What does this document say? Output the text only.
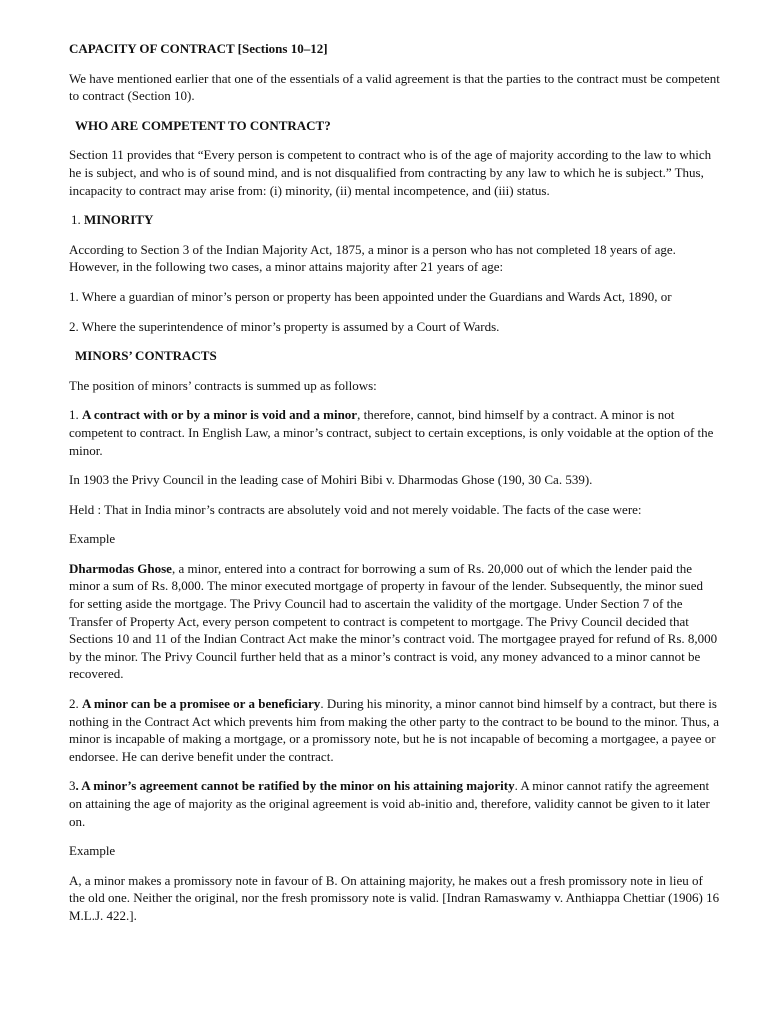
CAPACITY OF CONTRACT [Sections 10–12]

We have mentioned earlier that one of the essentials of a valid agreement is that the parties to the contract must be competent to contract (Section 10).

WHO ARE COMPETENT TO CONTRACT?

Section 11 provides that “Every person is competent to contract who is of the age of majority according to the law to which he is subject, and who is of sound mind, and is not disqualified from contracting by any law to which he is subject.” Thus, incapacity to contract may arise from: (i) minority, (ii) mental incompetence, and (iii) status.

1. MINORITY

According to Section 3 of the Indian Majority Act, 1875, a minor is a person who has not completed 18 years of age. However, in the following two cases, a minor attains majority after 21 years of age:

1. Where a guardian of minor’s person or property has been appointed under the Guardians and Wards Act, 1890, or

2. Where the superintendence of minor’s property is assumed by a Court of Wards.

MINORS’ CONTRACTS

The position of minors’ contracts is summed up as follows:

1. A contract with or by a minor is void and a minor, therefore, cannot, bind himself by a contract. A minor is not competent to contract. In English Law, a minor’s contract, subject to certain exceptions, is only voidable at the option of the minor.

In 1903 the Privy Council in the leading case of Mohiri Bibi v. Dharmodas Ghose (190, 30 Ca. 539).

Held : That in India minor’s contracts are absolutely void and not merely voidable. The facts of the case were:

Example

Dharmodas Ghose, a minor, entered into a contract for borrowing a sum of Rs. 20,000 out of which the lender paid the minor a sum of Rs. 8,000. The minor executed mortgage of property in favour of the lender. Subsequently, the minor sued for setting aside the mortgage. The Privy Council had to ascertain the validity of the mortgage. Under Section 7 of the Transfer of Property Act, every person competent to contract is competent to mortgage. The Privy Council decided that Sections 10 and 11 of the Indian Contract Act make the minor’s contract void. The mortgagee prayed for refund of Rs. 8,000 by the minor. The Privy Council further held that as a minor’s contract is void, any money advanced to a minor cannot be recovered.

2. A minor can be a promisee or a beneficiary. During his minority, a minor cannot bind himself by a contract, but there is nothing in the Contract Act which prevents him from making the other party to the contract to be bound to the minor. Thus, a minor is incapable of making a mortgage, or a promissory note, but he is not incapable of becoming a mortgagee, a payee or endorsee. He can derive benefit under the contract.

3. A minor’s agreement cannot be ratified by the minor on his attaining majority. A minor cannot ratify the agreement on attaining the age of majority as the original agreement is void ab-initio and, therefore, validity cannot be given to it later on.

Example

A, a minor makes a promissory note in favour of B. On attaining majority, he makes out a fresh promissory note in lieu of the old one. Neither the original, nor the fresh promissory note is valid. [Indran Ramaswamy v. Anthiappa Chettiar (1906) 16 M.L.J. 422.].
